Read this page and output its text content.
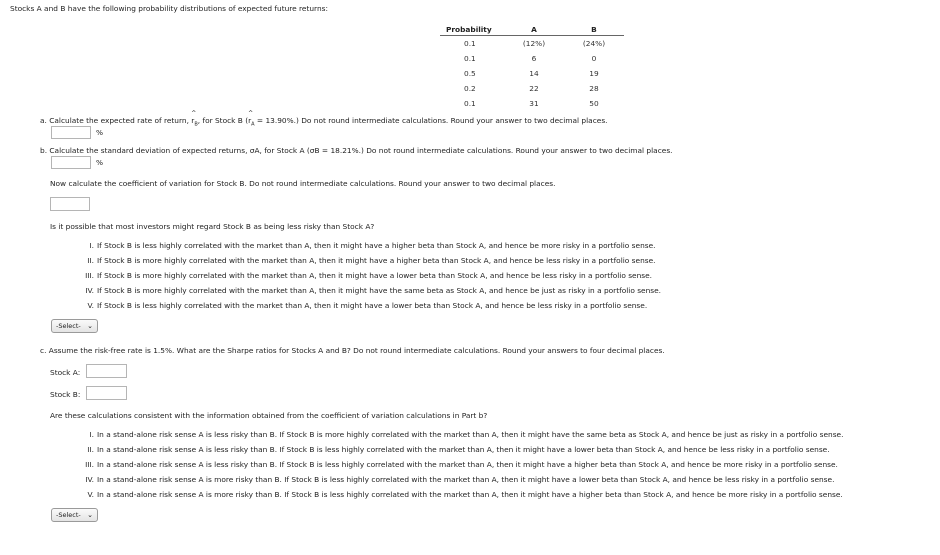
Stocks A and B have the following probability distributions of expected future returns:
Probability	A	B
0.1	(12%)	(24%)
0.1	6	0
0.5	14	19
0.2	22	28
0.1	31	50
a. Calculate the expected rate of return, ^ $r_B$, for Stock B (^ $r_A = 13.90\%$.) Do not round intermediate calculations. Round your answer to two decimal places.
%
b. Calculate the standard deviation of expected returns, σA, for Stock A (σB = 18.21%.) Do not round intermediate calculations. Round your answer to two decimal places.
%
Now calculate the coefficient of variation for Stock B. Do not round intermediate calculations. Round your answer to two decimal places.
Is it possible that most investors might regard Stock B as being less risky than Stock A?
I. If Stock B is less highly correlated with the market than A, then it might have a higher beta than Stock A, and hence be more risky in a portfolio sense.
II. If Stock B is more highly correlated with the market than A, then it might have a higher beta than Stock A, and hence be less risky in a portfolio sense.
III. If Stock B is more highly correlated with the market than A, then it might have a lower beta than Stock A, and hence be less risky in a portfolio sense.
IV. If Stock B is more highly correlated with the market than A, then it might have the same beta as Stock A, and hence be just as risky in a portfolio sense.
V. If Stock B is less highly correlated with the market than A, then it might have a lower beta than Stock A, and hence be less risky in a portfolio sense.
-Select- ⌄
c. Assume the risk-free rate is 1.5%. What are the Sharpe ratios for Stocks A and B? Do not round intermediate calculations. Round your answers to four decimal places.
Stock A:
Stock B:
Are these calculations consistent with the information obtained from the coefficient of variation calculations in Part b?
I. In a stand-alone risk sense A is less risky than B. If Stock B is more highly correlated with the market than A, then it might have the same beta as Stock A, and hence be just as risky in a portfolio sense.
II. In a stand-alone risk sense A is less risky than B. If Stock B is less highly correlated with the market than A, then it might have a lower beta than Stock A, and hence be less risky in a portfolio sense.
III. In a stand-alone risk sense A is less risky than B. If Stock B is less highly correlated with the market than A, then it might have a higher beta than Stock A, and hence be more risky in a portfolio sense.
IV. In a stand-alone risk sense A is more risky than B. If Stock B is less highly correlated with the market than A, then it might have a lower beta than Stock A, and hence be less risky in a portfolio sense.
V. In a stand-alone risk sense A is more risky than B. If Stock B is less highly correlated with the market than A, then it might have a higher beta than Stock A, and hence be more risky in a portfolio sense.
-Select- ⌄
